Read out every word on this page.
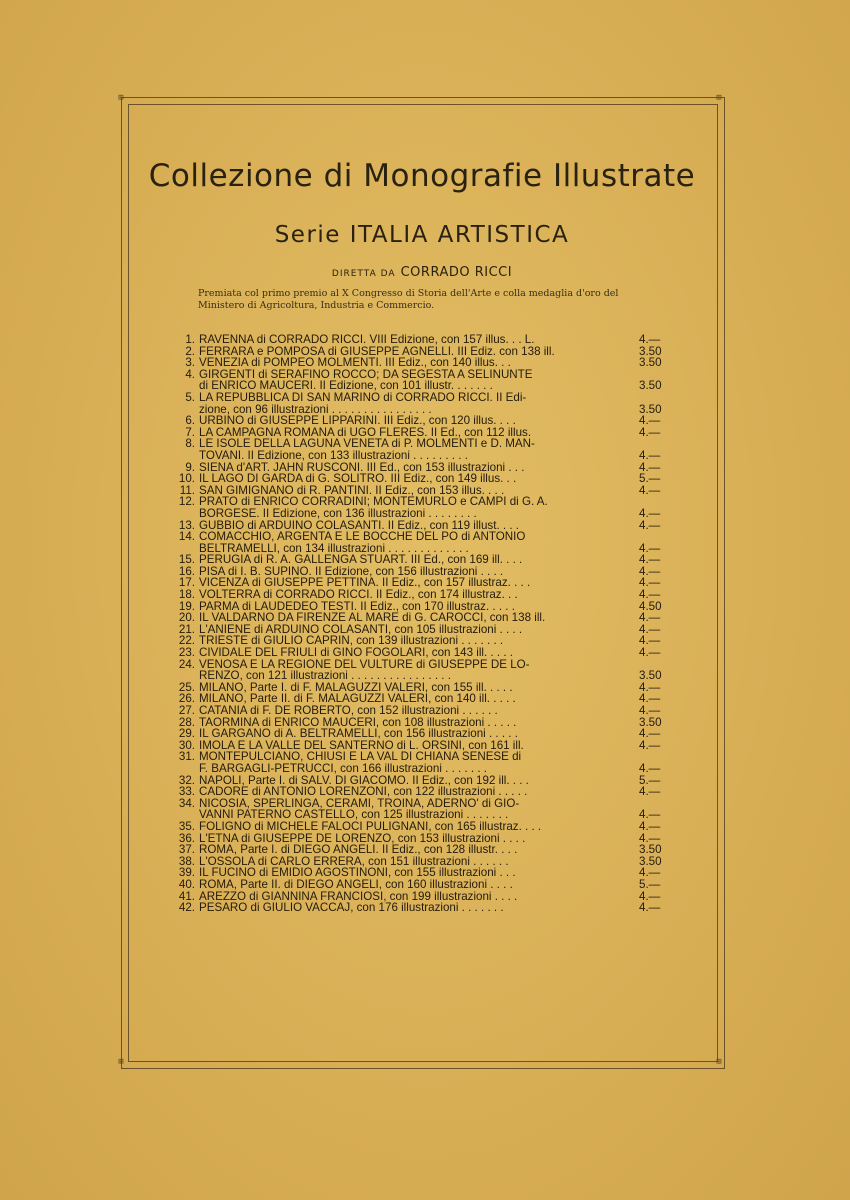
⊞	⊞
⊞	⊞
Collezione di Monografie Illustrate
Serie ITALIA ARTISTICA
DIRETTA DA CORRADO RICCI
Premiata col primo premio al X Congresso di Storia dell'Arte e colla medaglia d'oro del
Ministero di Agricoltura, Industria e Commercio.
1. RAVENNA di CORRADO RICCI. VIII Edizione, con 157 illus. . . L.	4.—
2. FERRARA e POMPOSA di GIUSEPPE AGNELLI. III Ediz. con 138 ill.	3.50
3. VENEZIA di POMPEO MOLMENTI. III Ediz., con 140 illus. . .	3.50
4. GIRGENTI di SERAFINO ROCCO; DA SEGESTA A SELINUNTE
di ENRICO MAUCERI. II Edizione, con 101 illustr. . . . . . .	3.50
5. LA REPUBBLICA DI SAN MARINO di CORRADO RICCI. II Edi-
zione, con 96 illustrazioni . . . . . . . . . . . . . . . .	3.50
6. URBINO di GIUSEPPE LIPPARINI. III Ediz., con 120 illus. . . .	4.—
7. LA CAMPAGNA ROMANA di UGO FLERES. II Ed., con 112 illus.	4.—
8. LE ISOLE DELLA LAGUNA VENETA di P. MOLMENTI e D. MAN-
TOVANI. II Edizione, con 133 illustrazioni . . . . . . . . .	4.—
9. SIENA d'ART. JAHN RUSCONI. III Ed., con 153 illustrazioni . . .	4.—
10. IL LAGO DI GARDA di G. SOLITRO. III Ediz., con 149 illus. . .	5.—
11. SAN GIMIGNANO di R. PANTINI. II Ediz., con 153 illus. . . .	4.—
12. PRATO di ENRICO CORRADINI; MONTEMURLO e CAMPI di G. A.
BORGESE. II Edizione, con 136 illustrazioni . . . . . . . .	4.—
13. GUBBIO di ARDUINO COLASANTI. II Ediz., con 119 illust. . . .	4.—
14. COMACCHIO, ARGENTA E LE BOCCHE DEL PO di ANTONIO
BELTRAMELLI, con 134 illustrazioni . . . . . . . . . . . . .	4.—
15. PERUGIA di R. A. GALLENGA STUART. III Ed., con 169 ill. . . .	4.—
16. PISA di I. B. SUPINO. II Edizione, con 156 illustrazioni . . . .	4.—
17. VICENZA di GIUSEPPE PETTINÀ. II Ediz., con 157 illustraz. . . .	4.—
18. VOLTERRA di CORRADO RICCI. II Ediz., con 174 illustraz. . .	4.—
19. PARMA di LAUDEDEO TESTI. II Ediz., con 170 illustraz. . . . .	4.50
20. IL VALDARNO DA FIRENZE AL MARE di G. CAROCCI, con 138 ill.	4.—
21. L'ANIENE di ARDUINO COLASANTI, con 105 illustrazioni . . . .	4.—
22. TRIESTE di GIULIO CAPRIN, con 139 illustrazioni . . . . . . .	4.—
23. CIVIDALE DEL FRIULI di GINO FOGOLARI, con 143 ill. . . . .	4.—
24. VENOSA E LA REGIONE DEL VULTURE di GIUSEPPE DE LO-
RENZO, con 121 illustrazioni . . . . . . . . . . . . . . . .	3.50
25. MILANO, Parte I. di F. MALAGUZZI VALERI, con 155 ill. . . . .	4.—
26. MILANO, Parte II. di F. MALAGUZZI VALERI, con 140 ill. . . . .	4.—
27. CATANIA di F. DE ROBERTO, con 152 illustrazioni . . . . . .	4.—
28. TAORMINA di ENRICO MAUCERI, con 108 illustrazioni . . . . .	3.50
29. IL GARGANO di A. BELTRAMELLI, con 156 illustrazioni . . . . .	4.—
30. IMOLA E LA VALLE DEL SANTERNO di L. ORSINI, con 161 ill.	4.—
31. MONTEPULCIANO, CHIUSI E LA VAL DI CHIANA SENESE di
F. BARGAGLI-PETRUCCI, con 166 illustrazioni . . . . . . .	4.—
32. NAPOLI, Parte I. di SALV. DI GIACOMO. II Ediz., con 192 ill. . . .	5.—
33. CADORE di ANTONIO LORENZONI, con 122 illustrazioni . . . . .	4.—
34. NICOSIA, SPERLINGA, CERAMI, TROINA, ADERNO' di GIO-
VANNI PATERNÒ CASTELLO, con 125 illustrazioni . . . . . . .	4.—
35. FOLIGNO di MICHELE FALOCI PULIGNANI, con 165 illustraz. . . .	4.—
36. L'ETNA di GIUSEPPE DE LORENZO, con 153 illustrazioni . . . .	4.—
37. ROMA, Parte I. di DIEGO ANGELI. II Ediz., con 128 illustr. . . .	3.50
38. L'OSSOLA di CARLO ERRERA, con 151 illustrazioni . . . . . .	3.50
39. IL FÙCINO di EMIDIO AGOSTINONI, con 155 illustrazioni . . .	4.—
40. ROMA, Parte II. di DIEGO ANGELI, con 160 illustrazioni . . . .	5.—
41. AREZZO di GIANNINA FRANCIOSI, con 199 illustrazioni . . . .	4.—
42. PESARO di GIULIO VACCAJ, con 176 illustrazioni . . . . . . .	4.—
